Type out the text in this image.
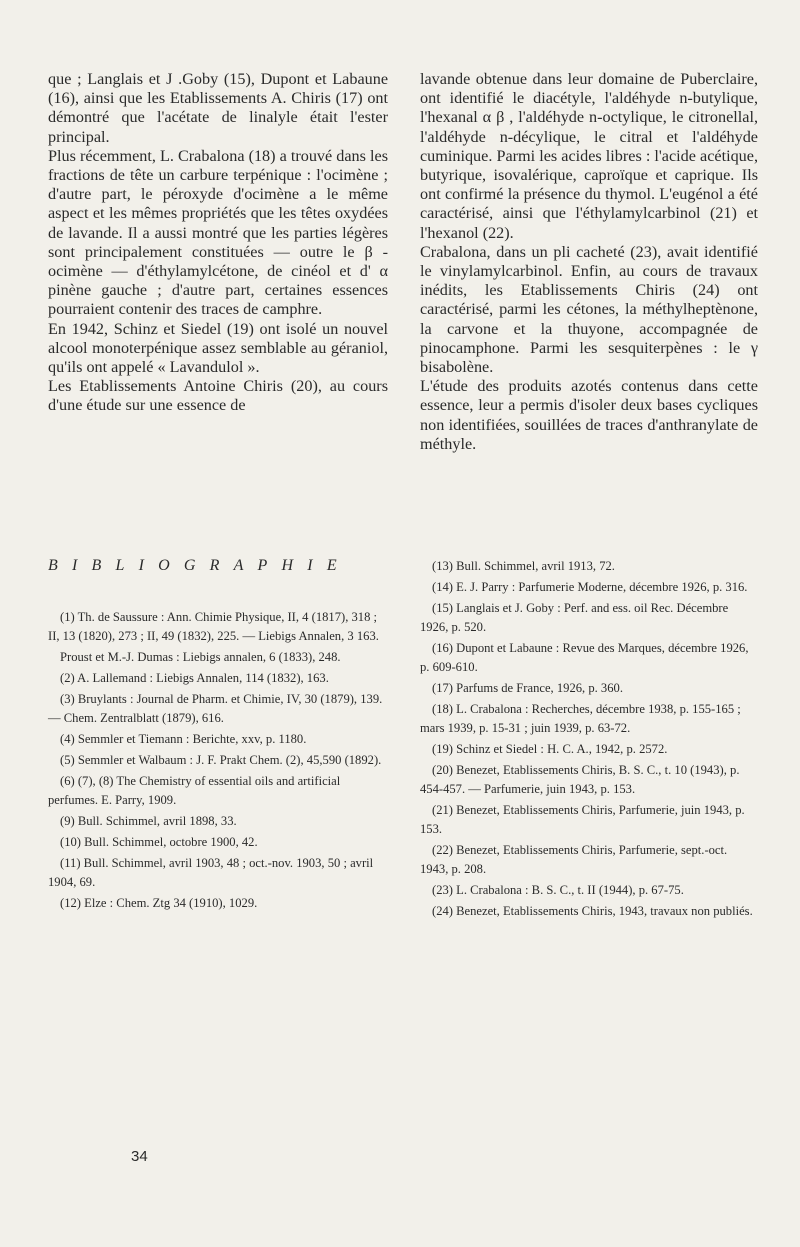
que ; Langlais et J .Goby (15), Dupont et Labaune (16), ainsi que les Etablissements A. Chiris (17) ont démontré que l'acétate de linalyle était l'ester principal.

Plus récemment, L. Crabalona (18) a trouvé dans les fractions de tête un carbure terpénique : l'ocimène ; d'autre part, le péroxyde d'ocimène a le même aspect et les mêmes propriétés que les têtes oxydées de lavande. Il a aussi montré que les parties légères sont principalement constituées — outre le β -ocimène — d'éthylamylcétone, de cinéol et d' α pinène gauche ; d'autre part, certaines essences pourraient contenir des traces de camphre.

En 1942, Schinz et Siedel (19) ont isolé un nouvel alcool monoterpénique assez semblable au géraniol, qu'ils ont appelé « Lavandulol ».

Les Etablissements Antoine Chiris (20), au cours d'une étude sur une essence de

BIBLIOGRAPHIE

(1) Th. de Saussure : Ann. Chimie Physique, II, 4 (1817), 318 ; II, 13 (1820), 273 ; II, 49 (1832), 225. — Liebigs Annalen, 3 163.

Proust et M.-J. Dumas : Liebigs annalen, 6 (1833), 248.

(2) A. Lallemand : Liebigs Annalen, 114 (1832), 163.

(3) Bruylants : Journal de Pharm. et Chimie, IV, 30 (1879), 139. — Chem. Zentralblatt (1879), 616.

(4) Semmler et Tiemann : Berichte, xxv, p. 1180.

(5) Semmler et Walbaum : J. F. Prakt Chem. (2), 45,590 (1892).

(6) (7), (8) The Chemistry of essential oils and artificial perfumes. E. Parry, 1909.

(9) Bull. Schimmel, avril 1898, 33.

(10) Bull. Schimmel, octobre 1900, 42.

(11) Bull. Schimmel, avril 1903, 48 ; oct.-nov. 1903, 50 ; avril 1904, 69.

(12) Elze : Chem. Ztg 34 (1910), 1029.

34

lavande obtenue dans leur domaine de Puberclaire, ont identifié le diacétyle, l'aldéhyde n-butylique, l'hexanal α β , l'aldéhyde n-octylique, le citronellal, l'aldéhyde n-décylique, le citral et l'aldéhyde cuminique. Parmi les acides libres : l'acide acétique, butyrique, isovalérique, caproïque et caprique. Ils ont confirmé la présence du thymol. L'eugénol a été caractérisé, ainsi que l'éthylamylcarbinol (21) et l'hexanol (22).

Crabalona, dans un pli cacheté (23), avait identifié le vinylamylcarbinol. Enfin, au cours de travaux inédits, les Etablissements Chiris (24) ont caractérisé, parmi les cétones, la méthylheptènone, la carvone et la thuyone, accompagnée de pinocamphone. Parmi les sesquiterpènes : le γ bisabolène.

L'étude des produits azotés contenus dans cette essence, leur a permis d'isoler deux bases cycliques non identifiées, souillées de traces d'anthranylate de méthyle.

(13) Bull. Schimmel, avril 1913, 72.

(14) E. J. Parry : Parfumerie Moderne, décembre 1926, p. 316.

(15) Langlais et J. Goby : Perf. and ess. oil Rec. Décembre 1926, p. 520.

(16) Dupont et Labaune : Revue des Marques, décembre 1926, p. 609-610.

(17) Parfums de France, 1926, p. 360.

(18) L. Crabalona : Recherches, décembre 1938, p. 155-165 ; mars 1939, p. 15-31 ; juin 1939, p. 63-72.

(19) Schinz et Siedel : H. C. A., 1942, p. 2572.

(20) Benezet, Etablissements Chiris, B. S. C., t. 10 (1943), p. 454-457. — Parfumerie, juin 1943, p. 153.

(21) Benezet, Etablissements Chiris, Parfumerie, juin 1943, p. 153.

(22) Benezet, Etablissements Chiris, Parfumerie, sept.-oct. 1943, p. 208.

(23) L. Crabalona : B. S. C., t. II (1944), p. 67-75.

(24) Benezet, Etablissements Chiris, 1943, travaux non publiés.
